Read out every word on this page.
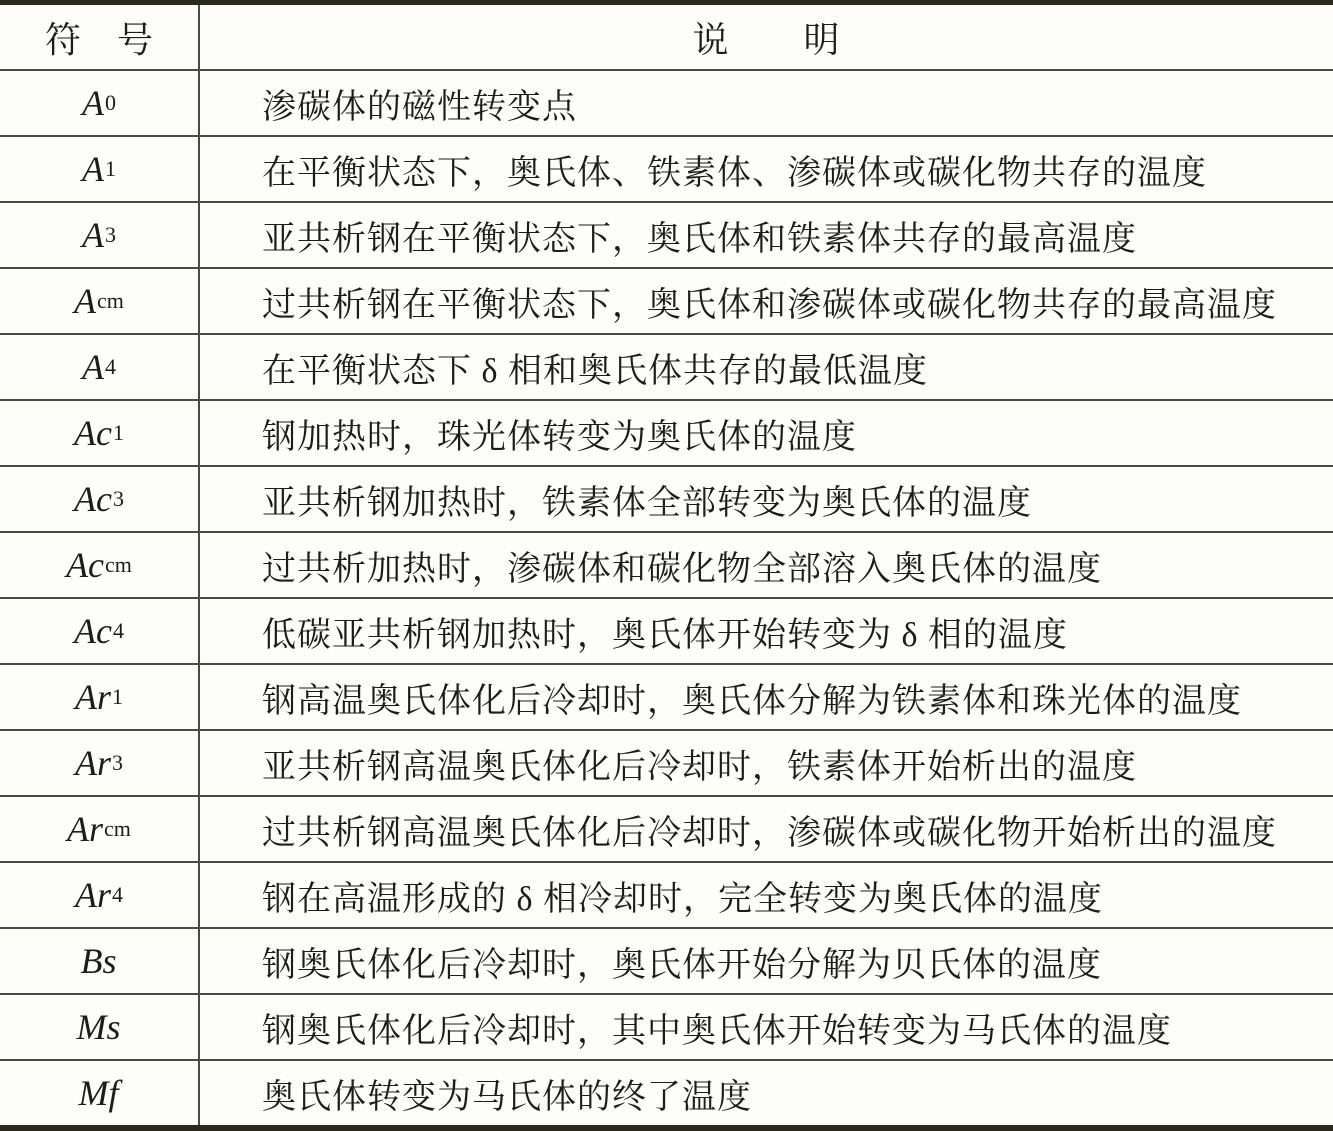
符　号	说　　明
A 0	渗碳体的磁性转变点
A 1	在平衡状态下，奥氏体、铁素体、渗碳体或碳化物共存的温度
A 3	亚共析钢在平衡状态下，奥氏体和铁素体共存的最高温度
A cm	过共析钢在平衡状态下，奥氏体和渗碳体或碳化物共存的最高温度
A 4	在平衡状态下 δ 相和奥氏体共存的最低温度
Ac 1	钢加热时，珠光体转变为奥氏体的温度
Ac 3	亚共析钢加热时，铁素体全部转变为奥氏体的温度
Ac cm	过共析加热时，渗碳体和碳化物全部溶入奥氏体的温度
Ac 4	低碳亚共析钢加热时，奥氏体开始转变为 δ 相的温度
Ar 1	钢高温奥氏体化后冷却时，奥氏体分解为铁素体和珠光体的温度
Ar 3	亚共析钢高温奥氏体化后冷却时，铁素体开始析出的温度
Ar cm	过共析钢高温奥氏体化后冷却时，渗碳体或碳化物开始析出的温度
Ar 4	钢在高温形成的 δ 相冷却时，完全转变为奥氏体的温度
Bs	钢奥氏体化后冷却时，奥氏体开始分解为贝氏体的温度
Ms	钢奥氏体化后冷却时，其中奥氏体开始转变为马氏体的温度
Mf	奥氏体转变为马氏体的终了温度
